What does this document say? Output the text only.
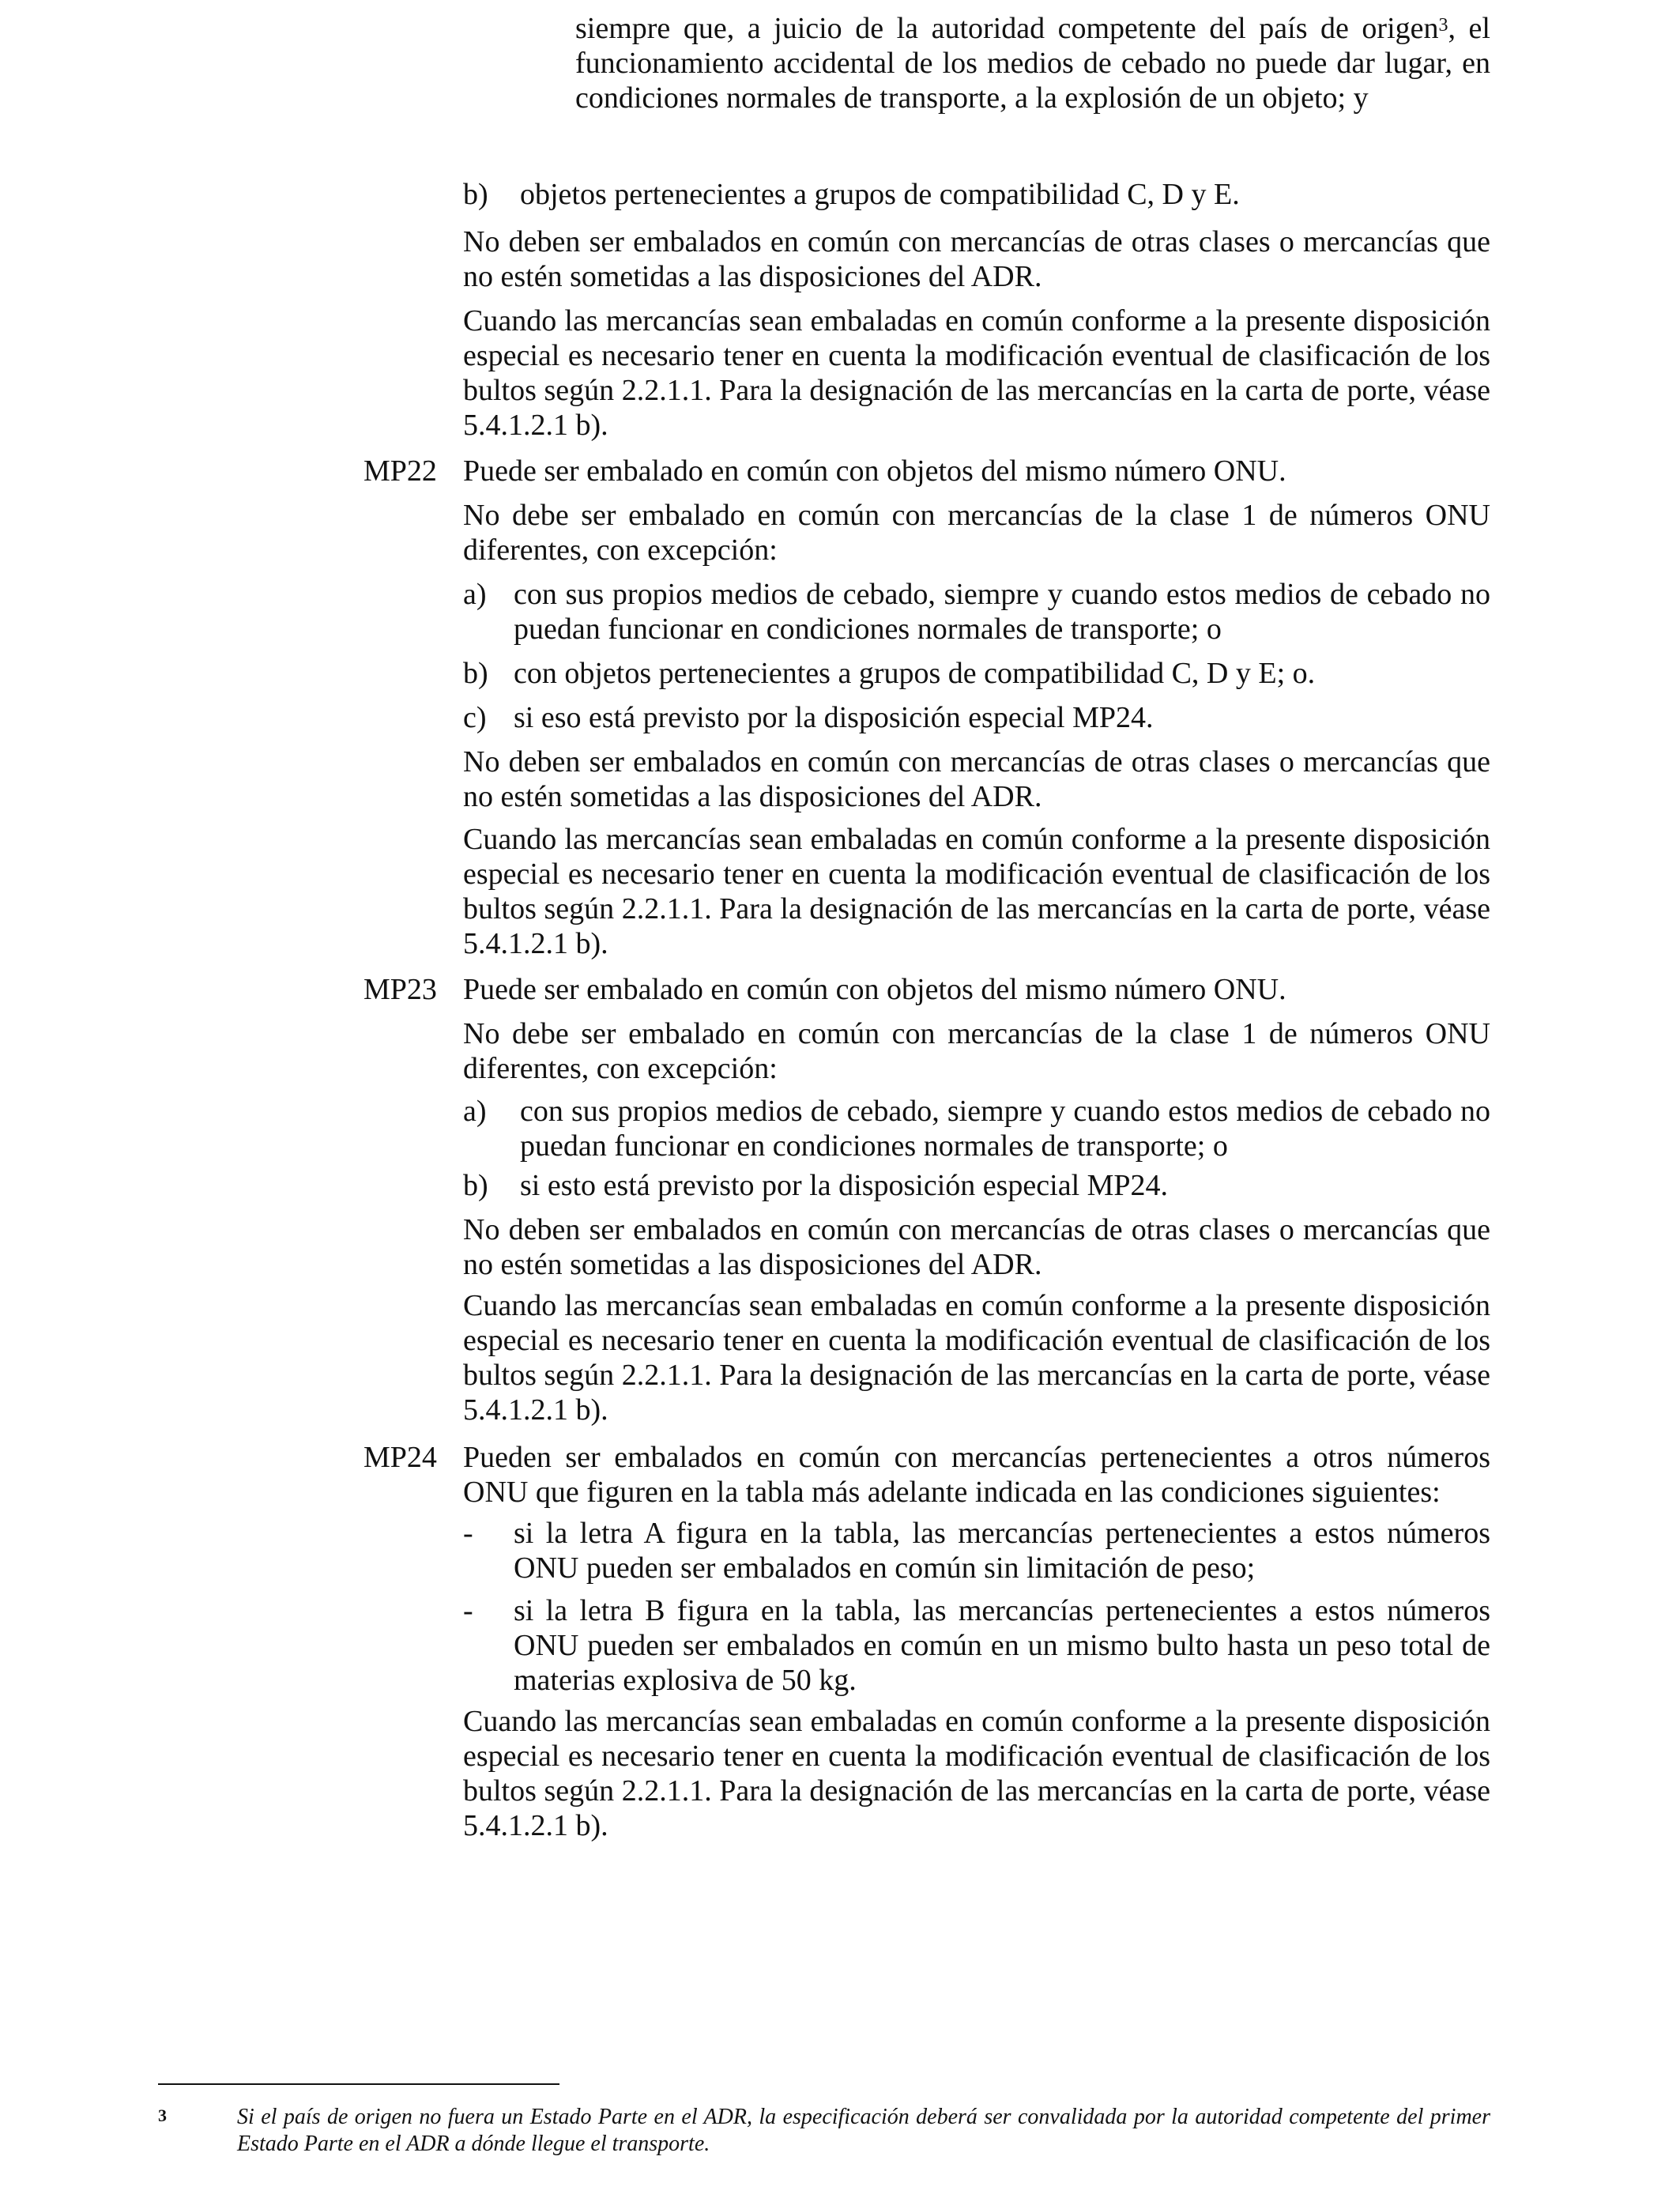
siempre que, a juicio de la autoridad competente del país de origen$^3$, el funcionamiento accidental de los medios de cebado no puede dar lugar, en condiciones normales de transporte, a la explosión de un objeto; y

b) objetos pertenecientes a grupos de compatibilidad C, D y E.

No deben ser embalados en común con mercancías de otras clases o mercancías que no estén sometidas a las disposiciones del ADR.

Cuando las mercancías sean embaladas en común conforme a la presente disposición especial es necesario tener en cuenta la modificación eventual de clasificación de los bultos según 2.2.1.1. Para la designación de las mercancías en la carta de porte, véase 5.4.1.2.1 b).

MP22 Puede ser embalado en común con objetos del mismo número ONU.

No debe ser embalado en común con mercancías de la clase 1 de números ONU diferentes, con excepción:

a) con sus propios medios de cebado, siempre y cuando estos medios de cebado no puedan funcionar en condiciones normales de transporte; o

b) con objetos pertenecientes a grupos de compatibilidad C, D y E; o.

c) si eso está previsto por la disposición especial MP24.

No deben ser embalados en común con mercancías de otras clases o mercancías que no estén sometidas a las disposiciones del ADR.

Cuando las mercancías sean embaladas en común conforme a la presente disposición especial es necesario tener en cuenta la modificación eventual de clasificación de los bultos según 2.2.1.1. Para la designación de las mercancías en la carta de porte, véase 5.4.1.2.1 b).

MP23 Puede ser embalado en común con objetos del mismo número ONU.

No debe ser embalado en común con mercancías de la clase 1 de números ONU diferentes, con excepción:

a) con sus propios medios de cebado, siempre y cuando estos medios de cebado no puedan funcionar en condiciones normales de transporte; o

b) si esto está previsto por la disposición especial MP24.

No deben ser embalados en común con mercancías de otras clases o mercancías que no estén sometidas a las disposiciones del ADR.

Cuando las mercancías sean embaladas en común conforme a la presente disposición especial es necesario tener en cuenta la modificación eventual de clasificación de los bultos según 2.2.1.1. Para la designación de las mercancías en la carta de porte, véase 5.4.1.2.1 b).

MP24 Pueden ser embalados en común con mercancías pertenecientes a otros números ONU que figuren en la tabla más adelante indicada en las condiciones siguientes:

- si la letra A figura en la tabla, las mercancías pertenecientes a estos números ONU pueden ser embalados en común sin limitación de peso;

- si la letra B figura en la tabla, las mercancías pertenecientes a estos números ONU pueden ser embalados en común en un mismo bulto hasta un peso total de materias explosiva de 50 kg.

Cuando las mercancías sean embaladas en común conforme a la presente disposición especial es necesario tener en cuenta la modificación eventual de clasificación de los bultos según 2.2.1.1. Para la designación de las mercancías en la carta de porte, véase 5.4.1.2.1 b).

3	Si el país de origen no fuera un Estado Parte en el ADR, la especificación deberá ser convalidada por la autoridad competente del primer Estado Parte en el ADR a dónde llegue el transporte.
